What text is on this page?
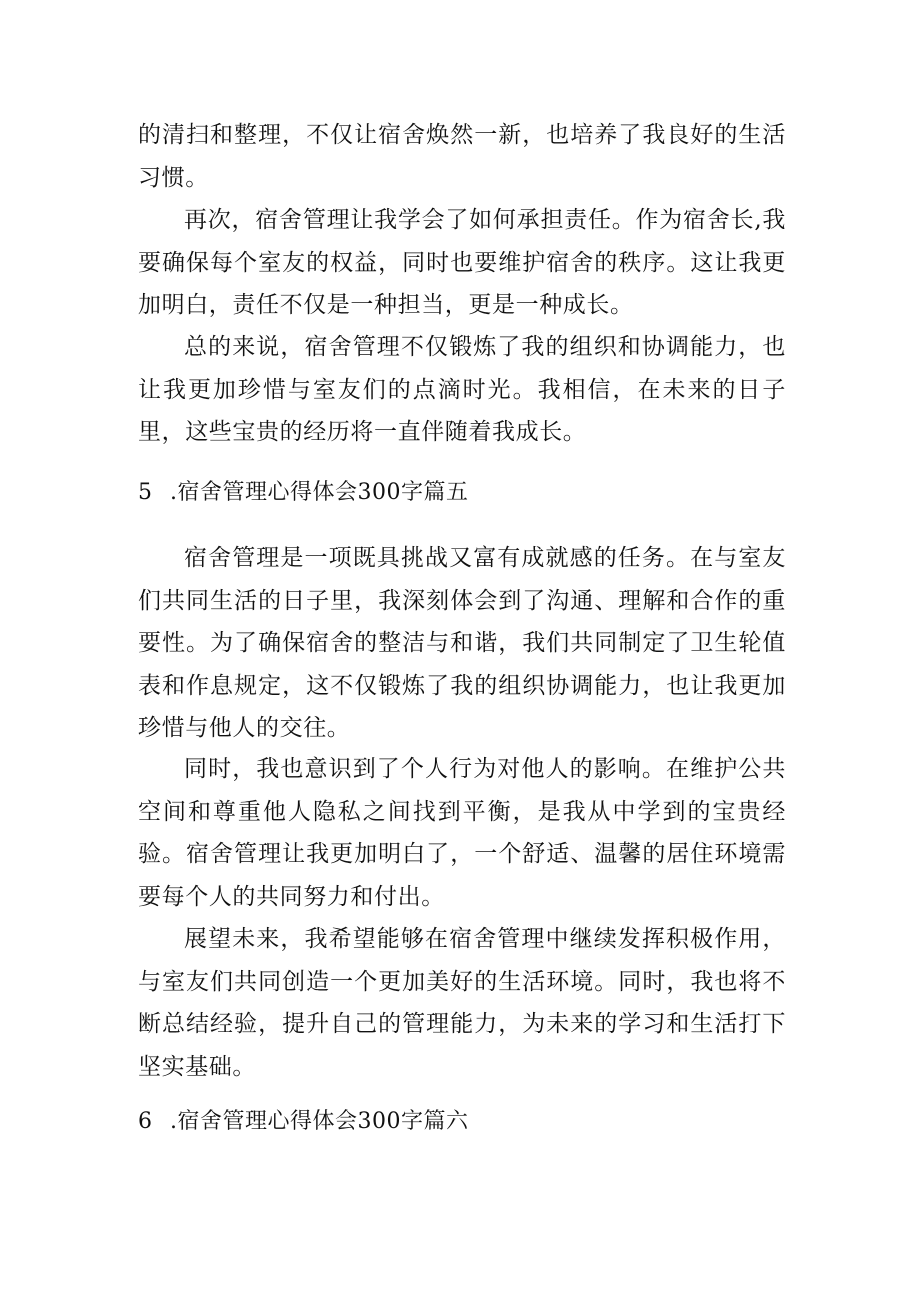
的清扫和整理，不仅让宿舍焕然一新，也培养了我良好的生活习惯。

再次，宿舍管理让我学会了如何承担责任。作为宿舍长,我要确保每个室友的权益，同时也要维护宿舍的秩序。这让我更加明白，责任不仅是一种担当，更是一种成长。

总的来说，宿舍管理不仅锻炼了我的组织和协调能力，也让我更加珍惜与室友们的点滴时光。我相信，在未来的日子里，这些宝贵的经历将一直伴随着我成长。

5 .宿舍管理心得体会300字篇五

宿舍管理是一项既具挑战又富有成就感的任务。在与室友们共同生活的日子里，我深刻体会到了沟通、理解和合作的重要性。为了确保宿舍的整洁与和谐，我们共同制定了卫生轮值表和作息规定，这不仅锻炼了我的组织协调能力，也让我更加珍惜与他人的交往。

同时，我也意识到了个人行为对他人的影响。在维护公共空间和尊重他人隐私之间找到平衡，是我从中学到的宝贵经验。宿舍管理让我更加明白了，一个舒适、温馨的居住环境需要每个人的共同努力和付出。

展望未来，我希望能够在宿舍管理中继续发挥积极作用，与室友们共同创造一个更加美好的生活环境。同时，我也将不断总结经验，提升自己的管理能力，为未来的学习和生活打下坚实基础。

6 .宿舍管理心得体会300字篇六
